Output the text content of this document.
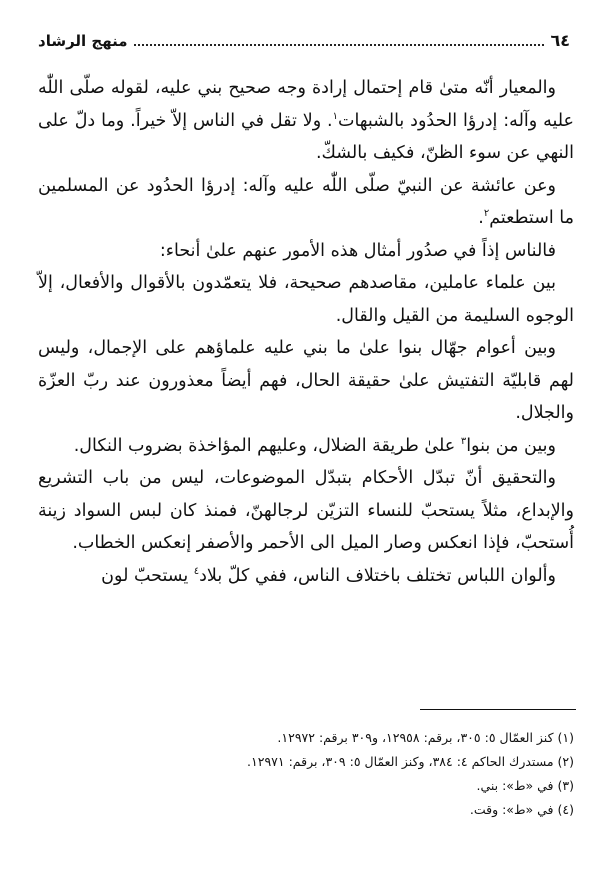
٦٤
منهج الرشاد

والمعيار أنّه متىٰ قام إحتمال إرادة وجه صحيح بني عليه، لقوله صلّى اللّٰه عليه وآله: إدرؤا الحدُود بالشبهات$^١$. ولا تقل في الناس إلاّ خيراً. وما دلّ على النهي عن سوء الظنّ، فكيف بالشكّ.

وعن عائشة عن النبيّ صلّى اللّٰه عليه وآله: إدرؤا الحدُود عن المسلمين ما استطعتم$^٢$.

فالناس إذاً في صدُور أمثال هذه الأمور عنهم علىٰ أنحاء:

بين علماء عاملين، مقاصدهم صحيحة، فلا يتعمّدون بالأقوال والأفعال، إلاّ الوجوه السليمة من القيل والقال.

وبين أعوام جهّال بنوا علىٰ ما بني عليه علماؤهم على الإجمال، وليس لهم قابليّة التفتيش علىٰ حقيقة الحال، فهم أيضاً معذورون عند ربّ العزّة والجلال.

وبين من بنوا$^٣$ علىٰ طريقة الضلال، وعليهم المؤاخذة بضروب النكال.

والتحقيق أنّ تبدّل الأحكام بتبدّل الموضوعات، ليس من باب التشريع والإبداع، مثلاً يستحبّ للنساء التزيّن لرجالهنّ، فمنذ كان لبس السواد زينة أُستحبّ، فإذا انعكس وصار الميل الى الأحمر والأصفر إنعكس الخطاب.

وألوان اللباس تختلف باختلاف الناس، ففي كلّ بلاد$^٤$ يستحبّ لون

(١) كنز العمّال ٥: ٣٠٥، برقم: ١٢٩٥٨، و٣٠٩ برقم: ١٢٩٧٢.

(٢) مستدرك الحاكم ٤: ٣٨٤، وكنز العمّال ٥: ٣٠٩، برقم: ١٢٩٧١.

(٣) في «ط»: بني.

(٤) في «ط»: وقت.
